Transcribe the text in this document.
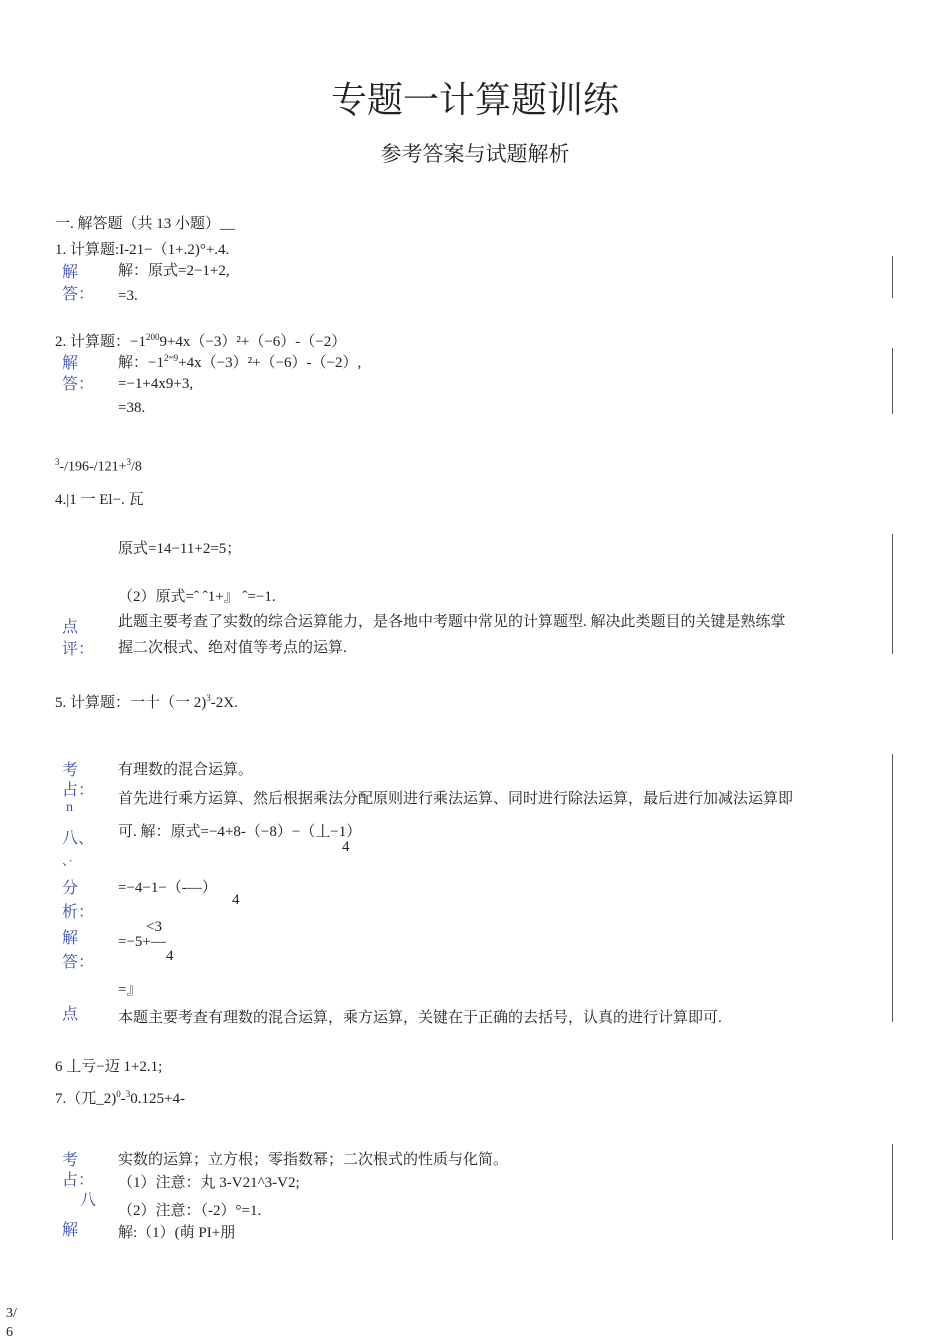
专题一计算题训练
参考答案与试题解析
一. 解答题（共 13 小题）__
1. 计算题:I-21−（1+.2)°+.4.
解
答：
解：原式=2−1+2,
=3.
2. 计算题：$-1^{200}9+4x(-3)^2+(-6)-(-2)$
解
答：
解：$-1^{2ᵒᵒ9}+4x(-3)^2+(-6)-(-2)$,
=−1+4x9+3,
=38.
$^3$-/196-/121+$^3$/8
4.|1 一 El−. 瓦
原式=14−11+2=5；
（2）原式=ˆ ˆ1+』 ˆ=−1.
点
评：
此题主要考查了实数的综合运算能力，是各地中考题中常见的计算题型. 解决此类题目的关键是熟练掌
握二次根式、绝对值等考点的运算.
5. 计算题：一十（一 2)$^3$-2X.
考
占：
n
八、
、·
分
析：
解
答：
点
有理数的混合运算。
首先进行乘方运算、然后根据乘法分配原则进行乘法运算、同时进行除法运算，最后进行加减法运算即
可. 解：原式=−4+8-（−8）−（丄−1）
4
=−4−1−（-—）
4
<3
=−5+—
4
=』
本题主要考查有理数的混合运算，乘方运算，关键在于正确的去括号，认真的进行计算即可.
6 丄亏−迈 1+2.1;
7.（兀_2)$^0$-$^3$0.125+4-
考
占：
八
解
实数的运算；立方根；零指数幂；二次根式的性质与化简。
（1）注意：丸 3-V21^3-V2;
（2）注意：（-2）°=1.
解:（1）(萌 PI+朋
3/
6
